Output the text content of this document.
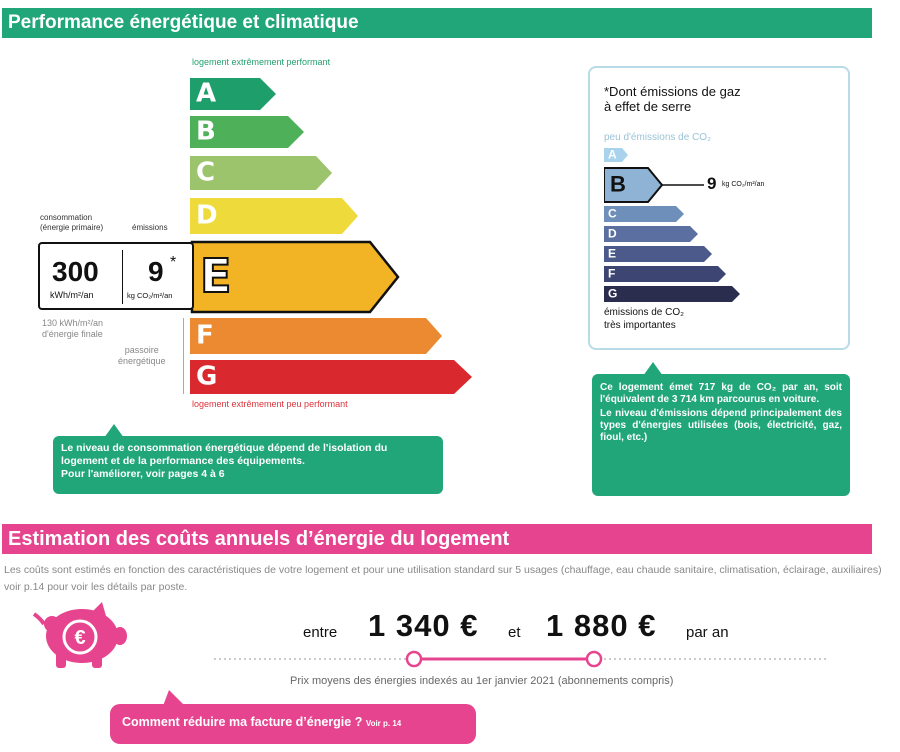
Performance énergétique et climatique
logement extrêmement performant
logement extrêmement peu performant
A
B
C
D
E
F
G
consommation
(énergie primaire)	émissions
300
kWh/m²/an
9 *
kg CO₂/m²/an
130 kWh/m²/an
d'énergie finale
passoire
énergétique
Le niveau de consommation énergétique dépend de l'isolation du
logement et de la performance des équipements.
Pour l'améliorer, voir pages 4 à 6
*Dont émissions de gaz
à effet de serre
peu d'émissions de CO₂
A
B
C
D
E
F
G
9 kg CO₂/m²/an
émissions de CO₂
très importantes
Ce logement émet 717 kg de CO₂ par an, soit l'équivalent de 3 714 km parcourus en voiture.
Le niveau d'émissions dépend principalement des types d'énergies utilisées (bois, électricité, gaz, fioul, etc.)
Estimation des coûts annuels d’énergie du logement
Les coûts sont estimés en fonction des caractéristiques de votre logement et pour une utilisation standard sur 5 usages (chauffage, eau chaude sanitaire, climatisation, éclairage, auxiliaires) voir p.14 pour voir les détails par poste.
€	entre 1 340 € et 1 880 € par an
Prix moyens des énergies indexés au 1er janvier 2021 (abonnements compris)
Comment réduire ma facture d’énergie ? Voir p. 14
